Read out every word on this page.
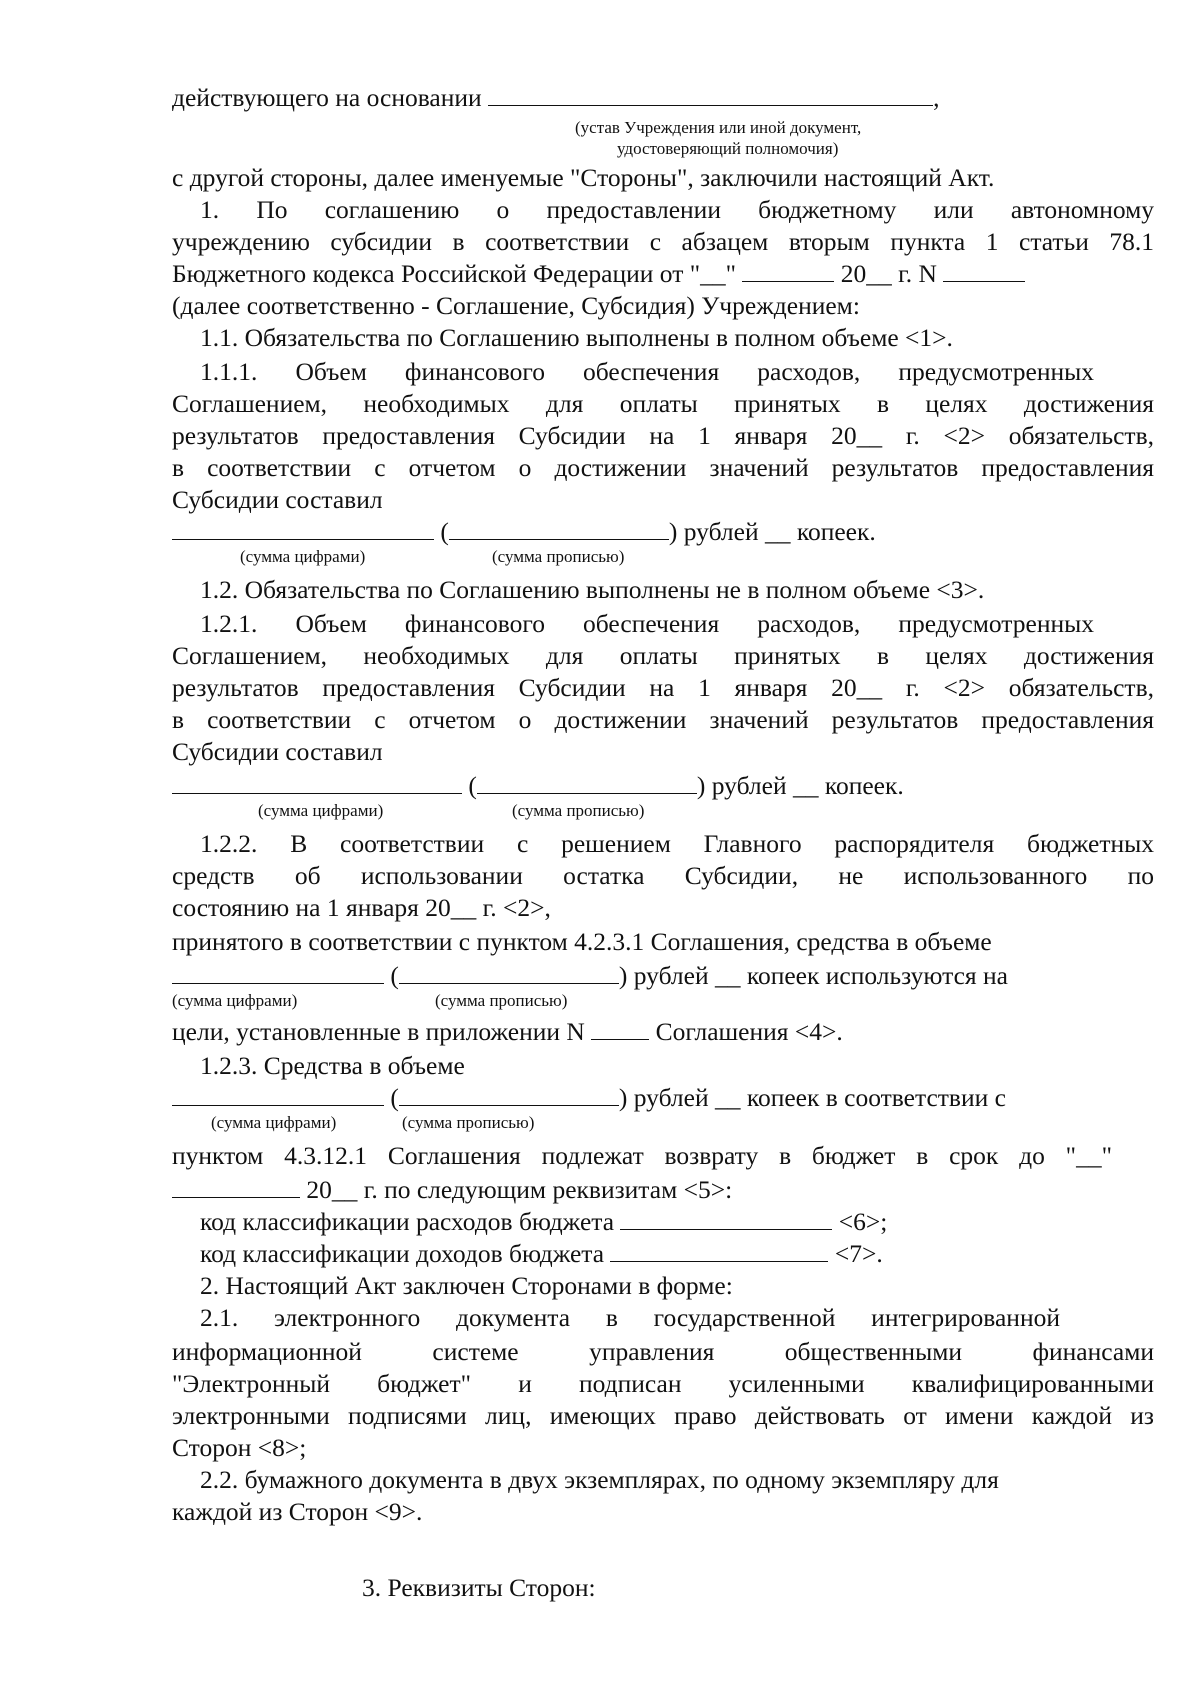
действующего на основании	,
(устав Учреждения или иной документ,
удостоверяющий полномочия)
с другой стороны, далее именуемые "Стороны", заключили настоящий Акт.
1. По соглашению о предоставлении бюджетному или автономному
учреждению субсидии в соответствии с абзацем вторым пункта 1 статьи 78.1
Бюджетного кодекса Российской Федерации от "__"	20__ г. N
(далее соответственно - Соглашение, Субсидия) Учреждением:
1.1. Обязательства по Соглашению выполнены в полном объеме <1>.
1.1.1. Объем финансового обеспечения расходов, предусмотренных
Соглашением, необходимых для оплаты принятых в целях достижения
результатов предоставления Субсидии на 1 января 20__ г. <2> обязательств,
в соответствии с отчетом о достижении значений результатов предоставления
Субсидии составил
(	) рублей __ копеек.
(сумма цифрами)	(сумма прописью)
1.2. Обязательства по Соглашению выполнены не в полном объеме <3>.
1.2.1. Объем финансового обеспечения расходов, предусмотренных
Соглашением, необходимых для оплаты принятых в целях достижения
результатов предоставления Субсидии на 1 января 20__ г. <2> обязательств,
в соответствии с отчетом о достижении значений результатов предоставления
Субсидии составил
(	) рублей __ копеек.
(сумма цифрами)	(сумма прописью)
1.2.2. В соответствии с решением Главного распорядителя бюджетных
средств об использовании остатка Субсидии, не использованного по
состоянию на 1 января 20__ г. <2>,
принятого в соответствии с пунктом 4.2.3.1 Соглашения, средства в объеме
(	) рублей __ копеек используются на
(сумма цифрами)	(сумма прописью)
цели, установленные в приложении N	Соглашения <4>.
1.2.3. Средства в объеме
(	) рублей __ копеек в соответствии с
(сумма цифрами)	(сумма прописью)
пунктом 4.3.12.1 Соглашения подлежат возврату в бюджет в срок до "__"
20__ г. по следующим реквизитам <5>:
код классификации расходов бюджета	<6>;
код классификации доходов бюджета	<7>.
2. Настоящий Акт заключен Сторонами в форме:
2.1. электронного документа в государственной интегрированной
информационной системе управления общественными финансами
"Электронный бюджет" и подписан усиленными квалифицированными
электронными подписями лиц, имеющих право действовать от имени каждой из
Сторон <8>;
2.2. бумажного документа в двух экземплярах, по одному экземпляру для
каждой из Сторон <9>.
3. Реквизиты Сторон:
